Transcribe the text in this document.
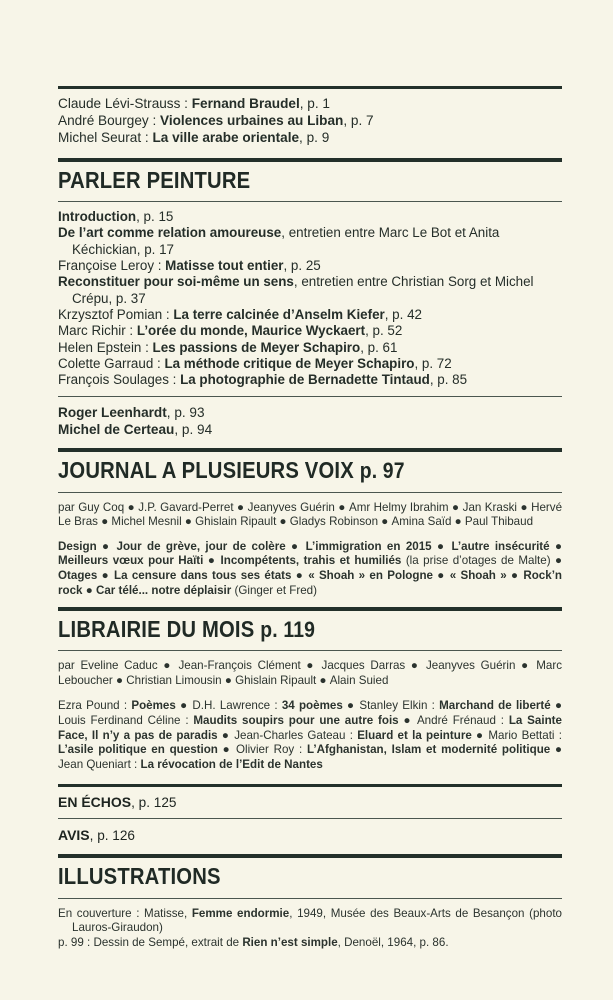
Claude Lévi-Strauss : Fernand Braudel, p. 1
André Bourgey : Violences urbaines au Liban, p. 7
Michel Seurat : La ville arabe orientale, p. 9
PARLER PEINTURE
Introduction, p. 15
De l’art comme relation amoureuse, entretien entre Marc Le Bot et Anita Kéchickian, p. 17
Françoise Leroy : Matisse tout entier, p. 25
Reconstituer pour soi-même un sens, entretien entre Christian Sorg et Michel Crépu, p. 37
Krzysztof Pomian : La terre calcinée d’Anselm Kiefer, p. 42
Marc Richir : L’orée du monde, Maurice Wyckaert, p. 52
Helen Epstein : Les passions de Meyer Schapiro, p. 61
Colette Garraud : La méthode critique de Meyer Schapiro, p. 72
François Soulages : La photographie de Bernadette Tintaud, p. 85
Roger Leenhardt, p. 93
Michel de Certeau, p. 94
JOURNAL A PLUSIEURS VOIX p. 97
par Guy Coq ● J.P. Gavard-Perret ● Jeanyves Guérin ● Amr Helmy Ibrahim ● Jan Kraski ● Hervé Le Bras ● Michel Mesnil ● Ghislain Ripault ● Gladys Robinson ● Amina Saïd ● Paul Thibaud
Design ● Jour de grève, jour de colère ● L’immigration en 2015 ● L’autre insécurité ● Meilleurs vœux pour Haïti ● Incompétents, trahis et humiliés (la prise d’otages de Malte) ● Otages ● La censure dans tous ses états ● « Shoah » en Pologne ● « Shoah » ● Rock’n rock ● Car télé... notre déplaisir (Ginger et Fred)
LIBRAIRIE DU MOIS p. 119
par Eveline Caduc ● Jean-François Clément ● Jacques Darras ● Jeanyves Guérin ● Marc Leboucher ● Christian Limousin ● Ghislain Ripault ● Alain Suied
Ezra Pound : Poèmes ● D.H. Lawrence : 34 poèmes ● Stanley Elkin : Marchand de liberté ● Louis Ferdinand Céline : Maudits soupirs pour une autre fois ● André Frénaud : La Sainte Face, Il n’y a pas de paradis ● Jean-Charles Gateau : Eluard et la peinture ● Mario Bettati : L’asile politique en question ● Olivier Roy : L’Afghanistan, Islam et modernité politique ● Jean Queniart : La révocation de l’Edit de Nantes
EN ÉCHOS, p. 125
AVIS, p. 126
ILLUSTRATIONS
En couverture : Matisse, Femme endormie, 1949, Musée des Beaux-Arts de Besançon (photo Lauros-Giraudon)
p. 99 : Dessin de Sempé, extrait de Rien n’est simple, Denoël, 1964, p. 86.
